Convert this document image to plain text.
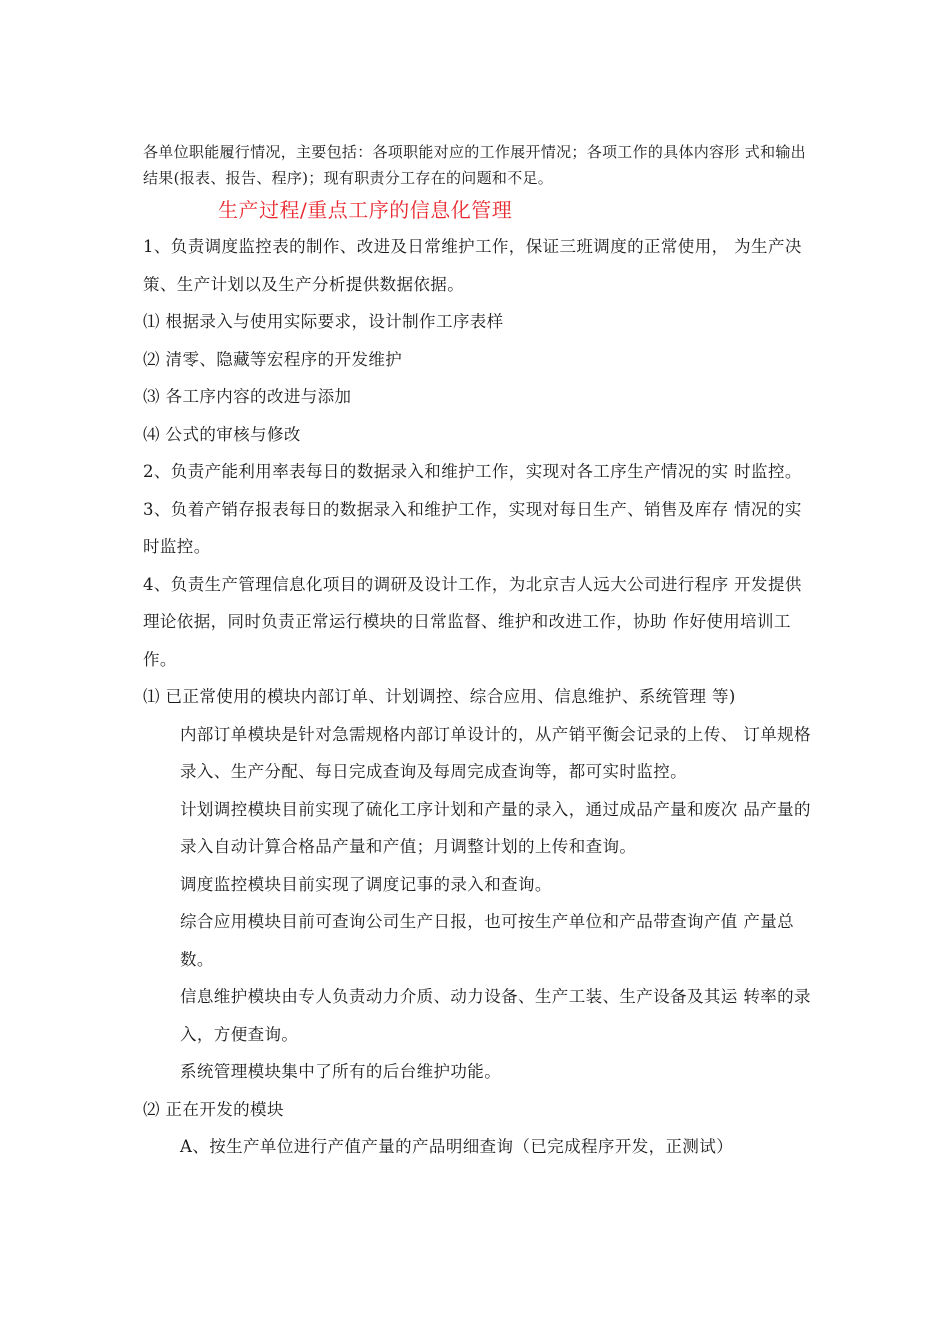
各单位职能履行情况，主要包括：各项职能对应的工作展开情况；各项工作的具体内容形 式和输出结果(报表、报告、程序)；现有职责分工存在的问题和不足。
生产过程/重点工序的信息化管理

1、负责调度监控表的制作、改进及日常维护工作，保证三班调度的正常使用， 为生产决策、生产计划以及生产分析提供数据依据。

⑴ 根据录入与使用实际要求，设计制作工序表样

⑵ 清零、隐藏等宏程序的开发维护

⑶ 各工序内容的改进与添加

⑷ 公式的审核与修改

2、负责产能利用率表每日的数据录入和维护工作，实现对各工序生产情况的实 时监控。

3、负着产销存报表每日的数据录入和维护工作，实现对每日生产、销售及库存 情况的实时监控。

4、负责生产管理信息化项目的调研及设计工作，为北京吉人远大公司进行程序 开发提供理论依据，同时负责正常运行模块的日常监督、维护和改进工作，协助 作好使用培训工作。

⑴ 已正常使用的模块内部订单、计划调控、综合应用、信息维护、系统管理 等)

内部订单模块是针对急需规格内部订单设计的，从产销平衡会记录的上传、 订单规格录入、生产分配、每日完成查询及每周完成查询等，都可实时监控。

计划调控模块目前实现了硫化工序计划和产量的录入，通过成品产量和废次 品产量的录入自动计算合格品产量和产值；月调整计划的上传和查询。

调度监控模块目前实现了调度记事的录入和查询。

综合应用模块目前可查询公司生产日报，也可按生产单位和产品带查询产值 产量总数。

信息维护模块由专人负责动力介质、动力设备、生产工装、生产设备及其运 转率的录入，方便查询。

系统管理模块集中了所有的后台维护功能。

⑵ 正在开发的模块

A、按生产单位进行产值产量的产品明细查询（已完成程序开发，正测试）
